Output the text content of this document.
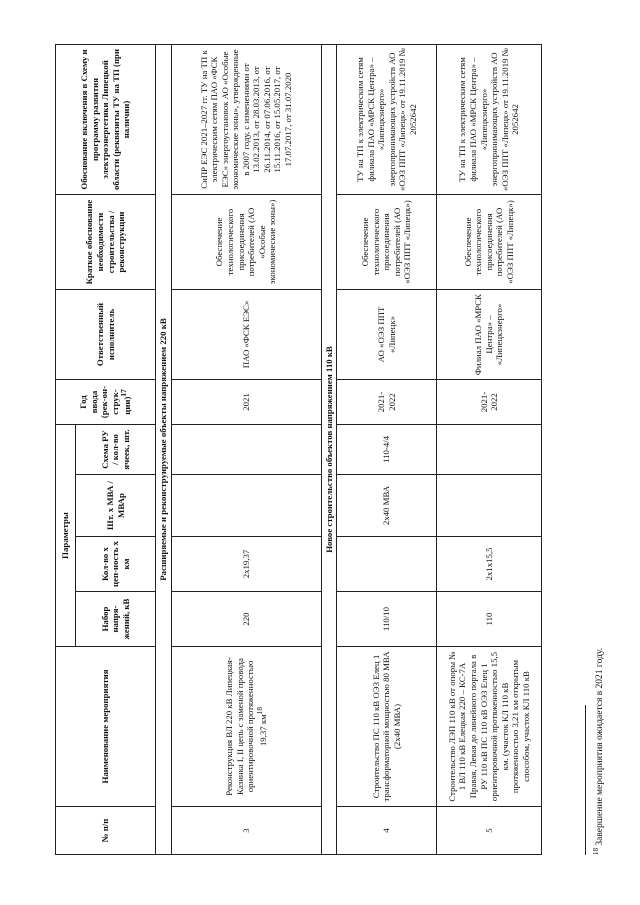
№ п/п	Наименование мероприятия	Параметры				Год ввода (рек-он-струк-ции)$^{17}$	Ответственный исполнитель	Краткое обоснование необходимости строительства / реконструкции	Обоснование включения в Схему и программу развития электроэнергетики Липецкой области (реквизиты ТУ на ТП (при наличии)
		Набор напря-жений, кВ	Кол-во х цеп-ность х км	Шт. х МВА / МВАр	Схема РУ / кол-во ячеек, шт.				
Расширяемые и реконструируемые объекты напряжением 220 кВ									
3	Реконструкция ВЛ 220 кВ Липецкая-Казинка I, II цепь с заменой провода ориентировочной протяженностью 19,37 $км^{18}$	220	2х19,37			2021	ПАО «ФСК ЕЭС»	Обеспечение технологического присоединения потребителей (АО «Особые экономические зоны»)	СиПР ЕЭС 2021–2027 гг. ТУ на ТП к электрическим сетям ПАО «ФСК ЕЭС» энергоустановок АО «Особые экономические зоны», утвержденные в 2007 году, с изменениями от 13.02.2013, от 28.03.2013, от 26.11.2014, от 07.06.2016, от 15.11.2016, от 15.05.2017, от 17.07.2017, от 31.07.2020
Новое строительство объектов напряжением 110 кВ									
4	Строительство ПС 110 кВ ОЭЗ Елец 1 трансформаторной мощностью 80 МВА (2х40 МВА)	110/10		2х40 МВА	110-4/4	2021-2022	АО «ОЭЗ ППТ «Липецк»	Обеспечение технологического присоединения потребителей (АО «ОЭЗ ППТ «Липецк»)	ТУ на ТП к электрическим сетям филиала ПАО «МРСК Центра» – «Липецкэнерго» энергопринимающих устройств АО «ОЭЗ ППТ «Липецк» от 19.11.2019 № 2052642
5	Строительство ЛЭП 110 кВ от опоры № 1 ВЛ 110 кВ Елецкая 220 – КС-7А Правая, Левая до линейного портала в РУ 110 кВ ПС 110 кВ ОЭЗ Елец 1 ориентировочной протяженностью 15,5 км. (участок КЛ 110 кВ протяженностью 3,21 км открытым способом, участок КЛ 110 кВ	110	2х1х15,5			2021-2022	Филиал ПАО «МРСК Центра» – «Липецкэнерго»	Обеспечение технологического присоединения потребителей (АО «ОЭЗ ППТ «Липецк»)	ТУ на ТП к электрическим сетям филиала ПАО «МРСК Центра» – «Липецкэнерго» энергопринимающих устройств АО «ОЭЗ ППТ «Липецк» от 19.11.2019 № 2052642
$^{18}$ Завершение мероприятия ожидается в 2021 году.
